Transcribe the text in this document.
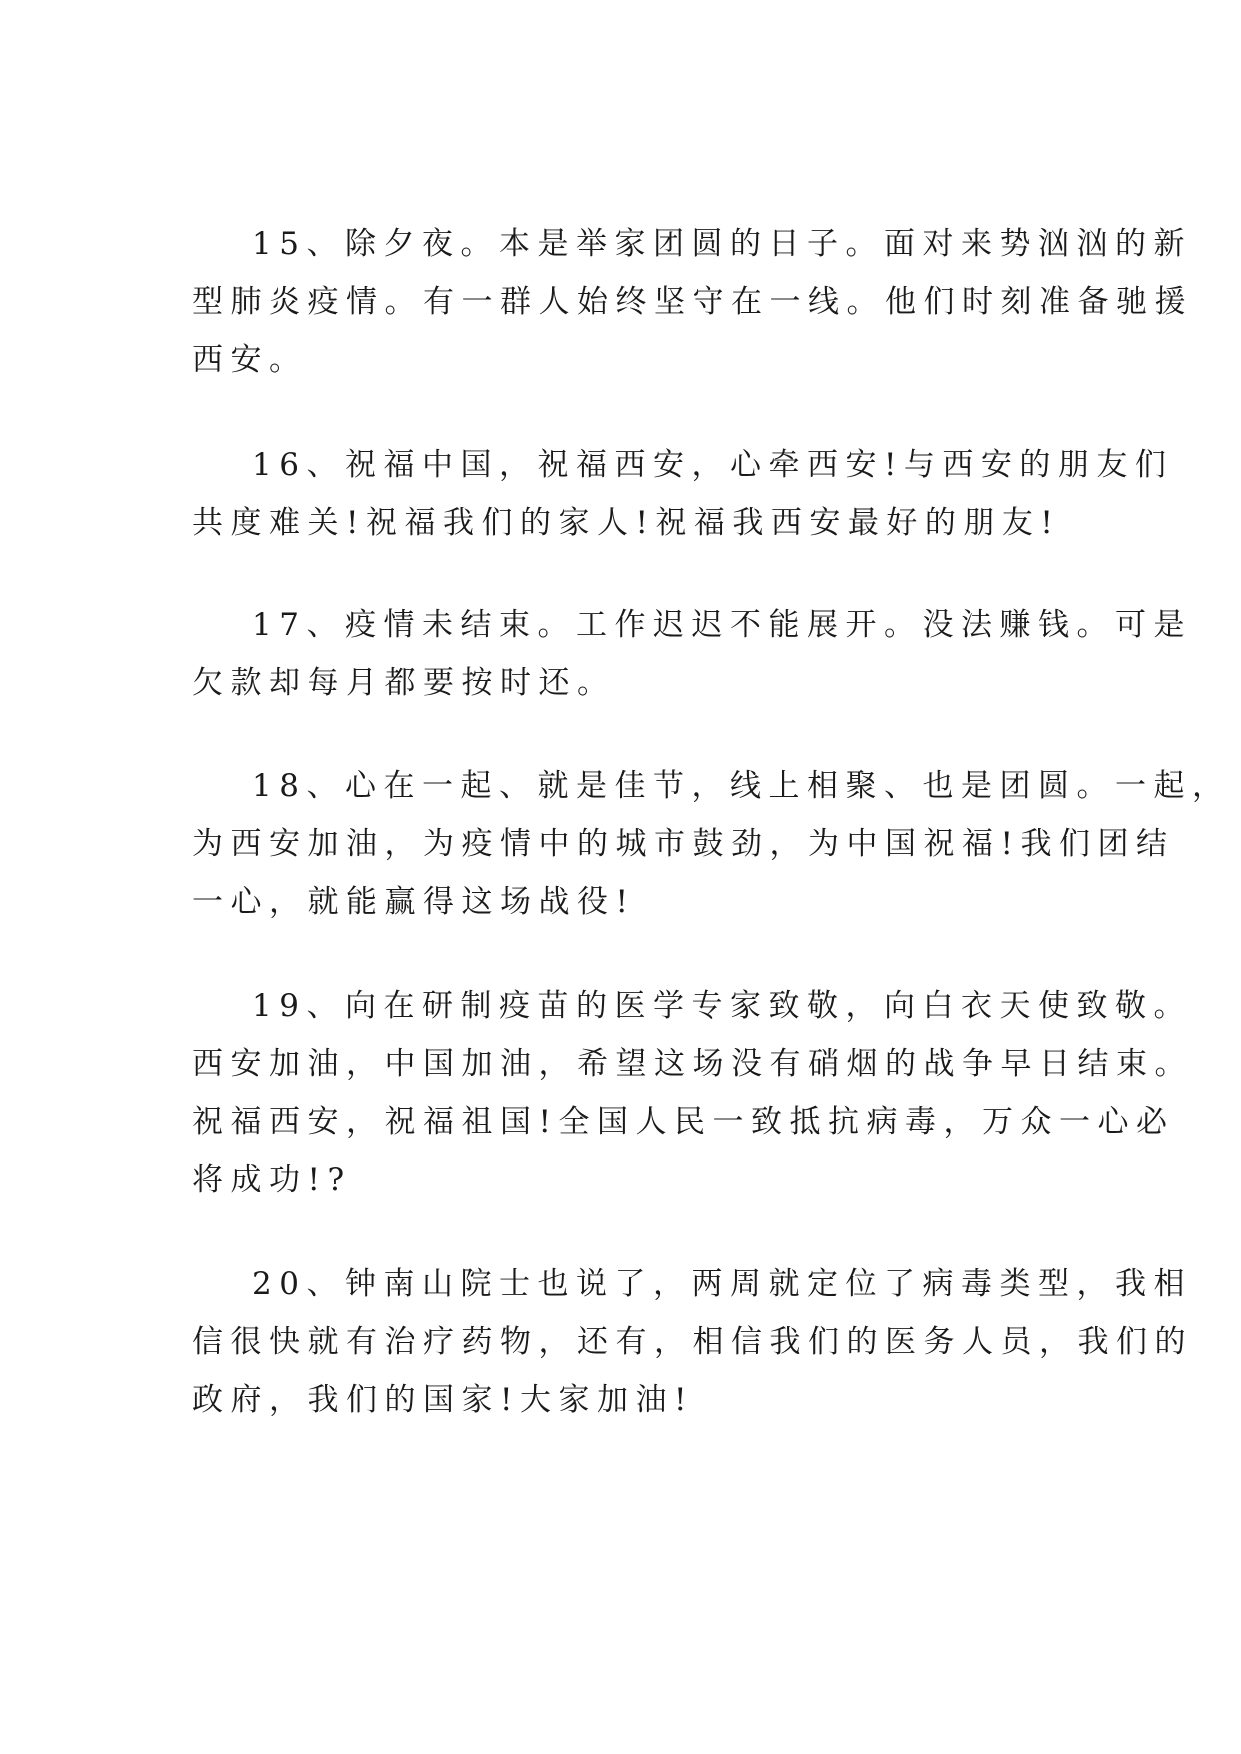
15、除夕夜。本是举家团圆的日子。面对来势汹汹的新
型肺炎疫情。有一群人始终坚守在一线。他们时刻准备驰援
西安。
16、祝福中国，祝福西安，心牵西安!与西安的朋友们
共度难关!祝福我们的家人!祝福我西安最好的朋友!
17、疫情未结束。工作迟迟不能展开。没法赚钱。可是
欠款却每月都要按时还。
18、心在一起、就是佳节，线上相聚、也是团圆。一起，
为西安加油，为疫情中的城市鼓劲，为中国祝福!我们团结
一心，就能赢得这场战役!
19、向在研制疫苗的医学专家致敬，向白衣天使致敬。
西安加油，中国加油，希望这场没有硝烟的战争早日结束。
祝福西安，祝福祖国!全国人民一致抵抗病毒，万众一心必
将成功!?
20、钟南山院士也说了，两周就定位了病毒类型，我相
信很快就有治疗药物，还有，相信我们的医务人员，我们的
政府，我们的国家!大家加油!
